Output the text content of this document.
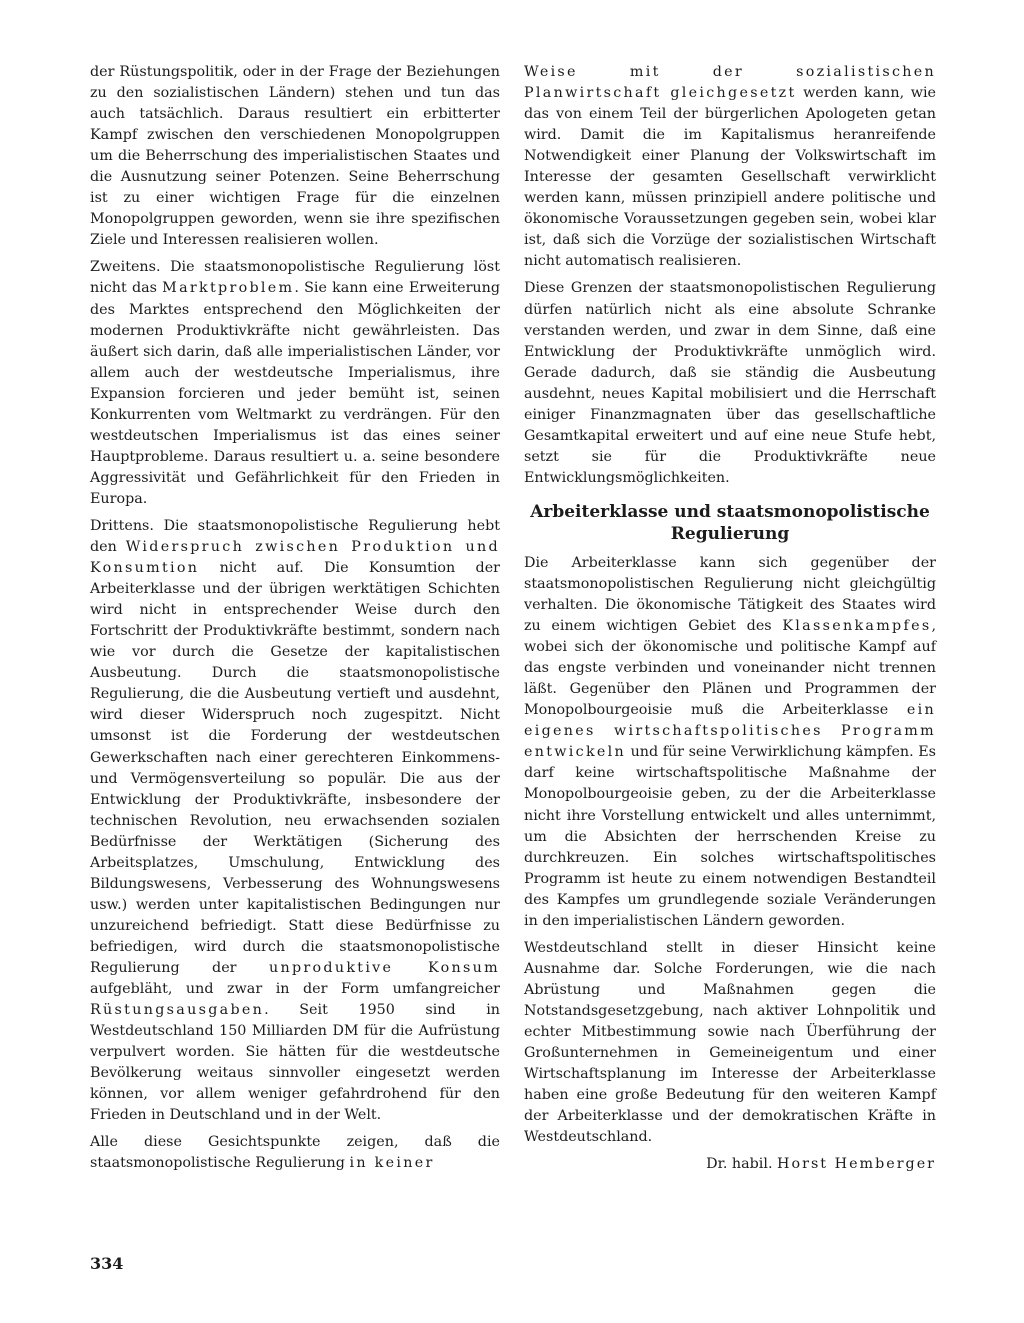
der Rüstungspolitik, oder in der Frage der Beziehungen zu den sozialistischen Ländern) stehen und tun das auch tatsächlich. Daraus resultiert ein erbitterter Kampf zwischen den verschiedenen Monopolgruppen um die Beherrschung des imperialistischen Staates und die Ausnutzung seiner Potenzen. Seine Beherrschung ist zu einer wichtigen Frage für die einzelnen Monopolgruppen geworden, wenn sie ihre spezifischen Ziele und Interessen realisieren wollen.

Zweitens. Die staatsmonopolistische Regulierung löst nicht das Marktproblem. Sie kann eine Erweiterung des Marktes entsprechend den Möglichkeiten der modernen Produktivkräfte nicht gewährleisten. Das äußert sich darin, daß alle imperialistischen Länder, vor allem auch der westdeutsche Imperialismus, ihre Expansion forcieren und jeder bemüht ist, seinen Konkurrenten vom Weltmarkt zu verdrängen. Für den westdeutschen Imperialismus ist das eines seiner Hauptprobleme. Daraus resultiert u. a. seine besondere Aggressivität und Gefährlichkeit für den Frieden in Europa.

Drittens. Die staatsmonopolistische Regulierung hebt den Widerspruch zwischen Produktion und Konsumtion nicht auf. Die Konsumtion der Arbeiterklasse und der übrigen werktätigen Schichten wird nicht in entsprechender Weise durch den Fortschritt der Produktivkräfte bestimmt, sondern nach wie vor durch die Gesetze der kapitalistischen Ausbeutung. Durch die staatsmonopolistische Regulierung, die die Ausbeutung vertieft und ausdehnt, wird dieser Widerspruch noch zugespitzt. Nicht umsonst ist die Forderung der westdeutschen Gewerkschaften nach einer gerechteren Einkommens- und Vermögensverteilung so populär. Die aus der Entwicklung der Produktivkräfte, insbesondere der technischen Revolution, neu erwachsenden sozialen Bedürfnisse der Werktätigen (Sicherung des Arbeitsplatzes, Umschulung, Entwicklung des Bildungswesens, Verbesserung des Wohnungswesens usw.) werden unter kapitalistischen Bedingungen nur unzureichend befriedigt. Statt diese Bedürfnisse zu befriedigen, wird durch die staatsmonopolistische Regulierung der unproduktive Konsum aufgebläht, und zwar in der Form umfangreicher Rüstungsausgaben. Seit 1950 sind in Westdeutschland 150 Milliarden DM für die Aufrüstung verpulvert worden. Sie hätten für die westdeutsche Bevölkerung weitaus sinnvoller eingesetzt werden können, vor allem weniger gefahrdrohend für den Frieden in Deutschland und in der Welt.

Alle diese Gesichtspunkte zeigen, daß die staatsmonopolistische Regulierung in keiner

Weise mit der sozialistischen Planwirtschaft gleichgesetzt werden kann, wie das von einem Teil der bürgerlichen Apologeten getan wird. Damit die im Kapitalismus heranreifende Notwendigkeit einer Planung der Volkswirtschaft im Interesse der gesamten Gesellschaft verwirklicht werden kann, müssen prinzipiell andere politische und ökonomische Voraussetzungen gegeben sein, wobei klar ist, daß sich die Vorzüge der sozialistischen Wirtschaft nicht automatisch realisieren.

Diese Grenzen der staatsmonopolistischen Regulierung dürfen natürlich nicht als eine absolute Schranke verstanden werden, und zwar in dem Sinne, daß eine Entwicklung der Produktivkräfte unmöglich wird. Gerade dadurch, daß sie ständig die Ausbeutung ausdehnt, neues Kapital mobilisiert und die Herrschaft einiger Finanzmagnaten über das gesellschaftliche Gesamtkapital erweitert und auf eine neue Stufe hebt, setzt sie für die Produktivkräfte neue Entwicklungsmöglichkeiten.

Arbeiterklasse und staatsmonopolistische Regulierung

Die Arbeiterklasse kann sich gegenüber der staatsmonopolistischen Regulierung nicht gleichgültig verhalten. Die ökonomische Tätigkeit des Staates wird zu einem wichtigen Gebiet des Klassenkampfes, wobei sich der ökonomische und politische Kampf auf das engste verbinden und voneinander nicht trennen läßt. Gegenüber den Plänen und Programmen der Monopolbourgeoisie muß die Arbeiterklasse ein eigenes wirtschaftspolitisches Programm entwickeln und für seine Verwirklichung kämpfen. Es darf keine wirtschaftspolitische Maßnahme der Monopolbourgeoisie geben, zu der die Arbeiterklasse nicht ihre Vorstellung entwickelt und alles unternimmt, um die Absichten der herrschenden Kreise zu durchkreuzen. Ein solches wirtschaftspolitisches Programm ist heute zu einem notwendigen Bestandteil des Kampfes um grundlegende soziale Veränderungen in den imperialistischen Ländern geworden.

Westdeutschland stellt in dieser Hinsicht keine Ausnahme dar. Solche Forderungen, wie die nach Abrüstung und Maßnahmen gegen die Notstandsgesetzgebung, nach aktiver Lohnpolitik und echter Mitbestimmung sowie nach Überführung der Großunternehmen in Gemeineigentum und einer Wirtschaftsplanung im Interesse der Arbeiterklasse haben eine große Bedeutung für den weiteren Kampf der Arbeiterklasse und der demokratischen Kräfte in Westdeutschland.

Dr. habil. Horst Hemberger

334
